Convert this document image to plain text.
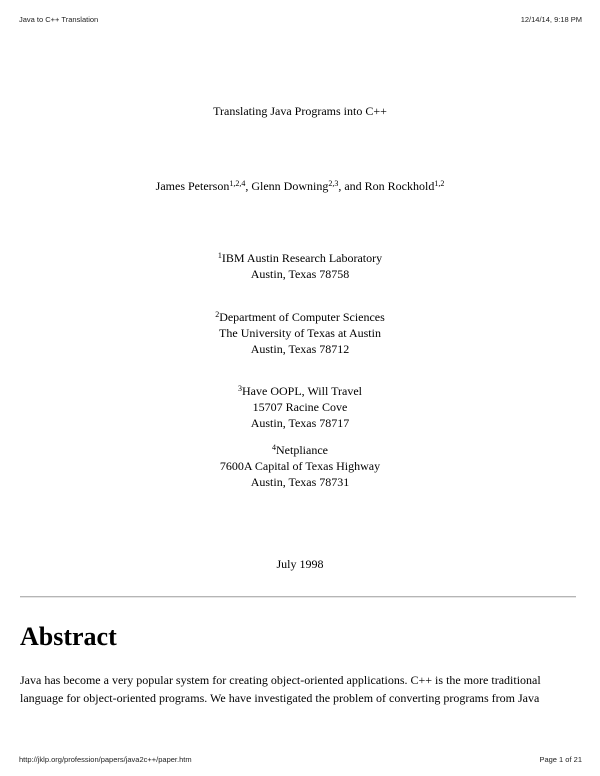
Java to C++ Translation	12/14/14, 9:18 PM
Translating Java Programs into C++
James Peterson$^{1,2,4}$, Glenn Downing$^{2,3}$, and Ron Rockhold$^{1,2}$
$^1$IBM Austin Research Laboratory
Austin, Texas 78758
$^2$Department of Computer Sciences
The University of Texas at Austin
Austin, Texas 78712
$^3$Have OOPL, Will Travel
15707 Racine Cove
Austin, Texas 78717
$^4$Netpliance
7600A Capital of Texas Highway
Austin, Texas 78731
July 1998
Abstract

Java has become a very popular system for creating object-oriented applications. C++ is the more traditional language for object-oriented programs. We have investigated the problem of converting programs from Java

http://jklp.org/profession/papers/java2c++/paper.htm	Page 1 of 21
